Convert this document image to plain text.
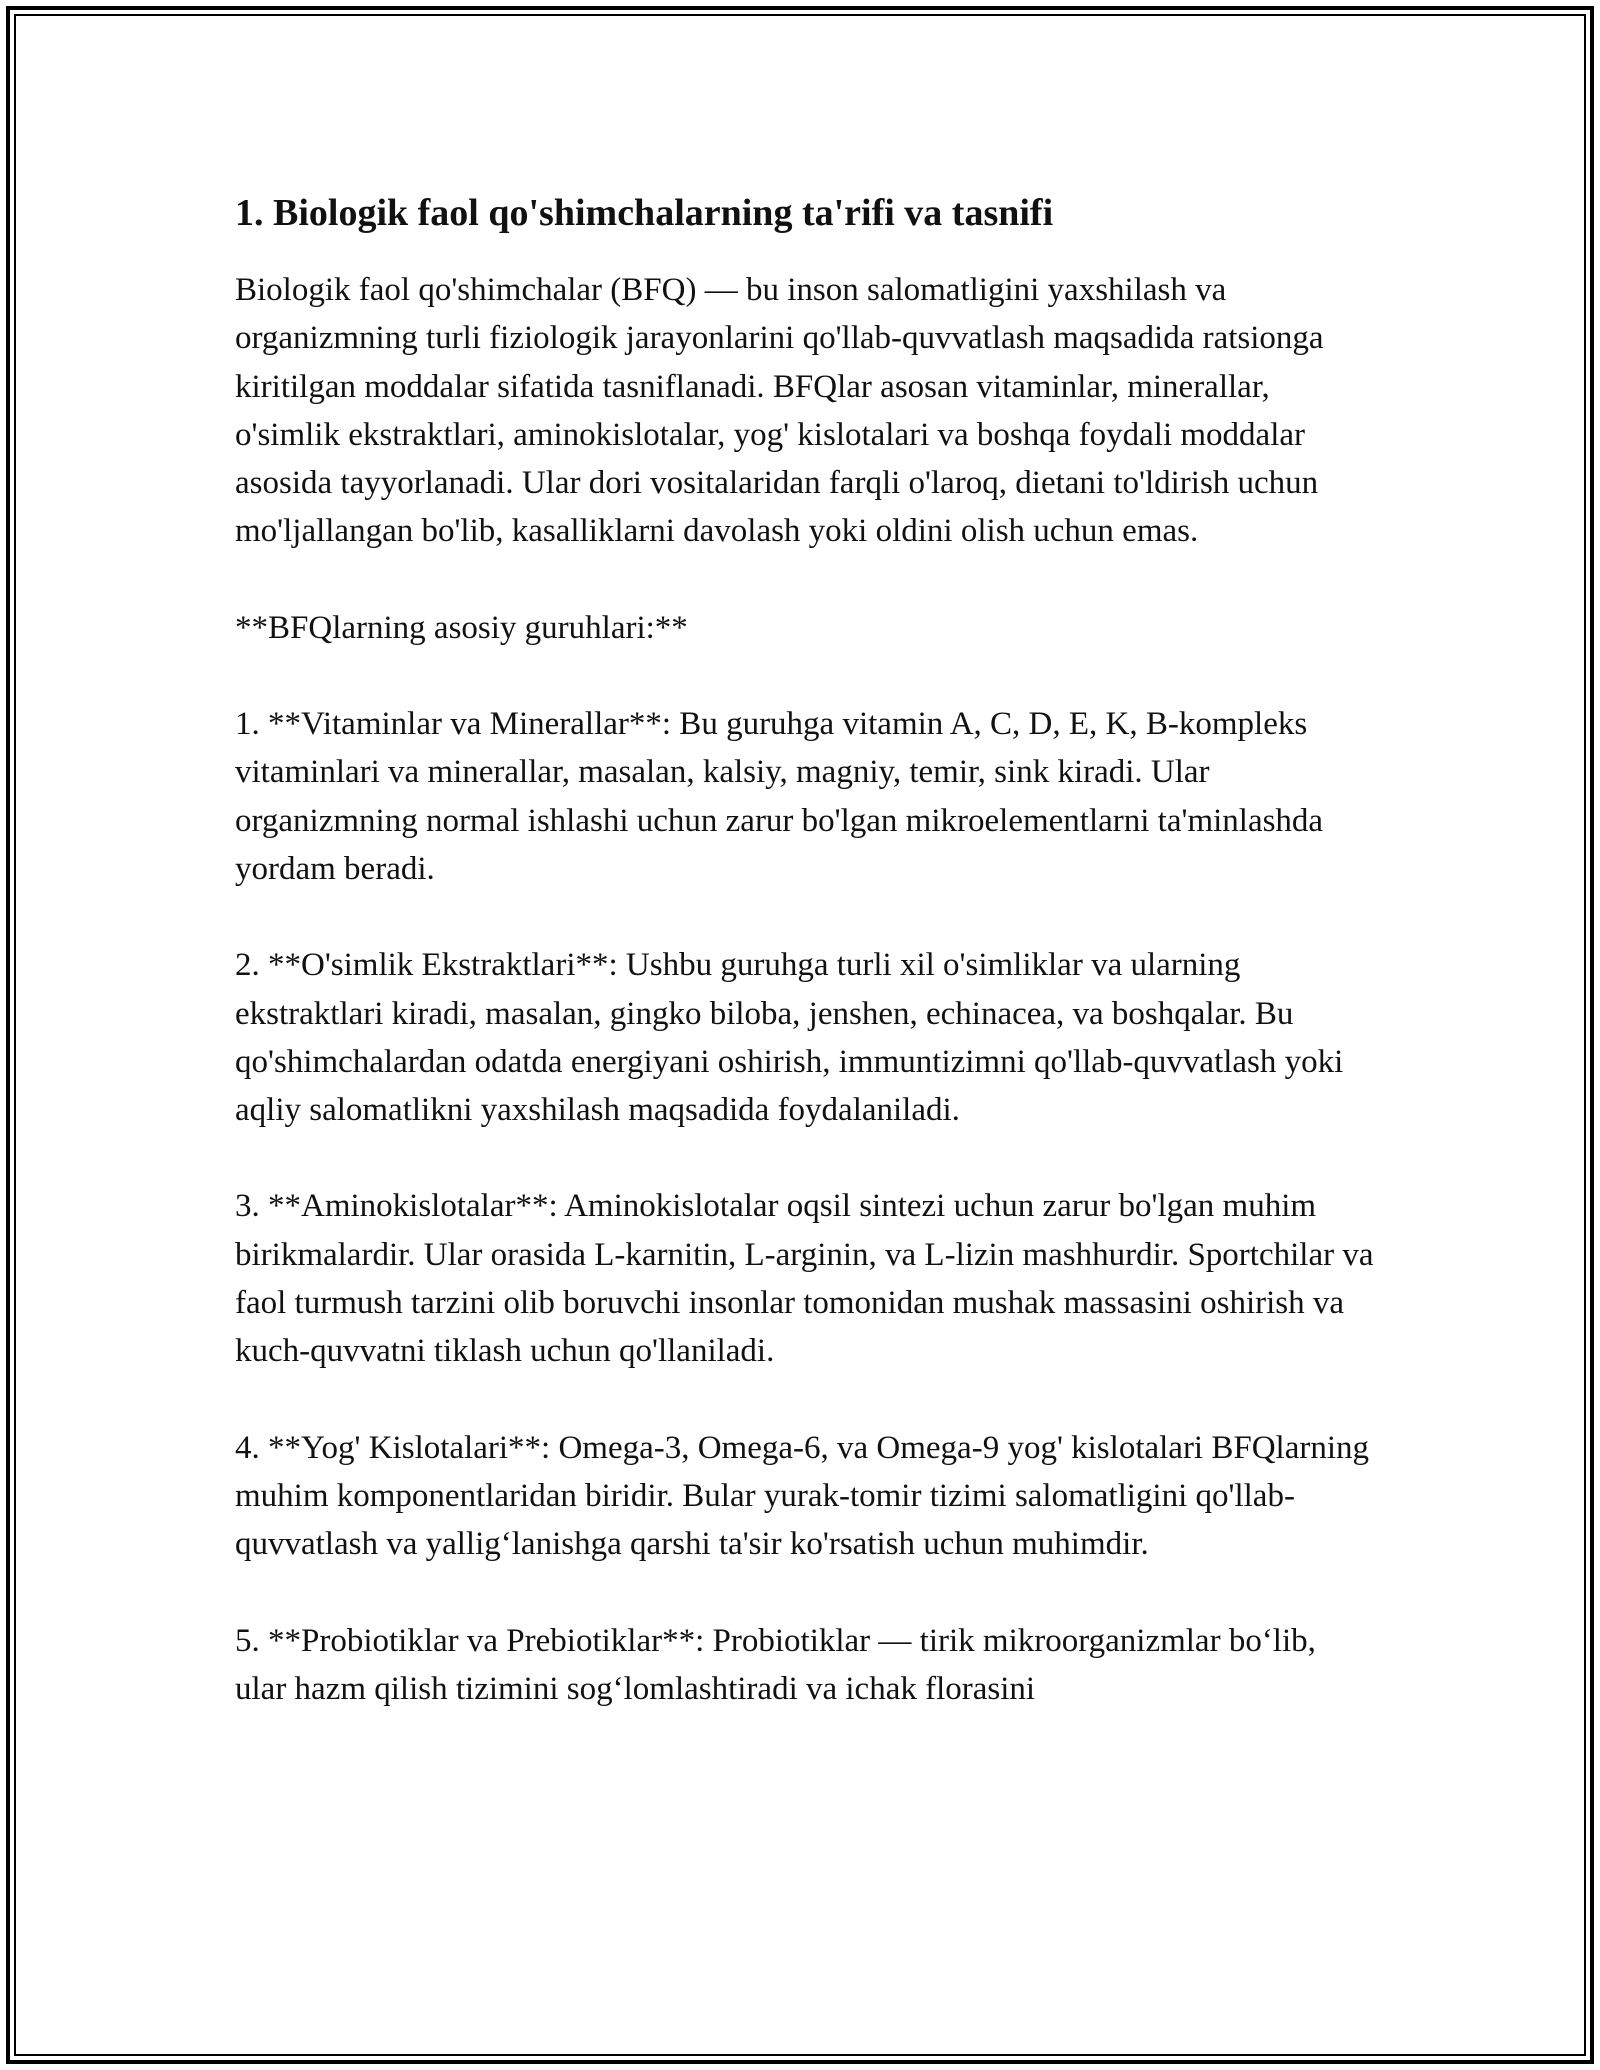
1. Biologik faol qo'shimchalarning ta'rifi va tasnifi

Biologik faol qo'shimchalar (BFQ) — bu inson salomatligini yaxshilash va organizmning turli fiziologik jarayonlarini qo'llab-quvvatlash maqsadida ratsionga kiritilgan moddalar sifatida tasniflanadi. BFQlar asosan vitaminlar, minerallar, o'simlik ekstraktlari, aminokislotalar, yog' kislotalari va boshqa foydali moddalar asosida tayyorlanadi. Ular dori vositalaridan farqli o'laroq, dietani to'ldirish uchun mo'ljallangan bo'lib, kasalliklarni davolash yoki oldini olish uchun emas.

**BFQlarning asosiy guruhlari:**

1. **Vitaminlar va Minerallar**: Bu guruhga vitamin A, C, D, E, K, B-kompleks vitaminlari va minerallar, masalan, kalsiy, magniy, temir, sink kiradi. Ular organizmning normal ishlashi uchun zarur bo'lgan mikroelementlarni ta'minlashda yordam beradi.

2. **O'simlik Ekstraktlari**: Ushbu guruhga turli xil o'simliklar va ularning ekstraktlari kiradi, masalan, gingko biloba, jenshen, echinacea, va boshqalar. Bu qo'shimchalardan odatda energiyani oshirish, immuntizimni qo'llab-quvvatlash yoki aqliy salomatlikni yaxshilash maqsadida foydalaniladi.

3. **Aminokislotalar**: Aminokislotalar oqsil sintezi uchun zarur bo'lgan muhim birikmalardir. Ular orasida L-karnitin, L-arginin, va L-lizin mashhurdir. Sportchilar va faol turmush tarzini olib boruvchi insonlar tomonidan mushak massasini oshirish va kuch-quvvatni tiklash uchun qo'llaniladi.

4. **Yog' Kislotalari**: Omega-3, Omega-6, va Omega-9 yog' kislotalari BFQlarning muhim komponentlaridan biridir. Bular yurak-tomir tizimi salomatligini qo'llab-quvvatlash va yallig‘lanishga qarshi ta'sir ko'rsatish uchun muhimdir.

5. **Probiotiklar va Prebiotiklar**: Probiotiklar — tirik mikroorganizmlar bo‘lib, ular hazm qilish tizimini sog‘lomlashtiradi va ichak florasini
